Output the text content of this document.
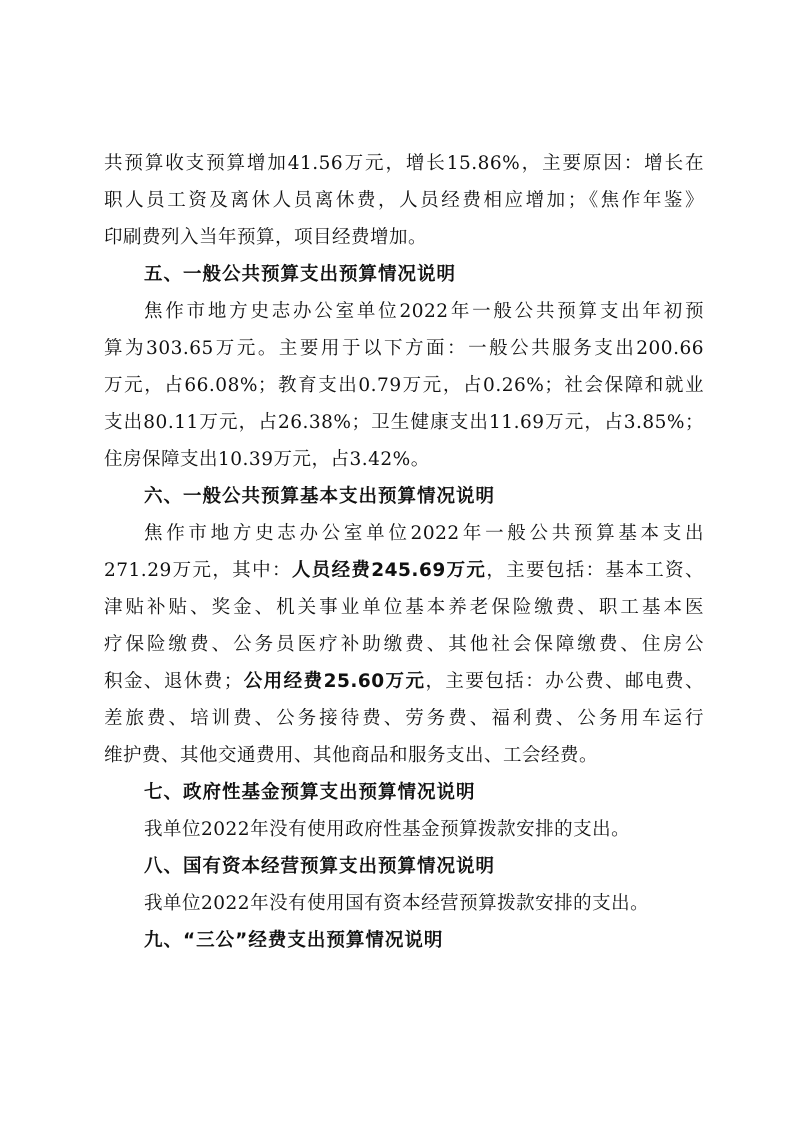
共预算收支预算增加41.56万元，增长15.86%，主要原因：增长在
职人员工资及离休人员离休费，人员经费相应增加；《焦作年鉴》
印刷费列入当年预算，项目经费增加。
五、一般公共预算支出预算情况说明
焦作市地方史志办公室单位2022年一般公共预算支出年初预
算为303.65万元。主要用于以下方面：一般公共服务支出200.66
万元，占66.08%；教育支出0.79万元，占0.26%；社会保障和就业
支出80.11万元，占26.38%；卫生健康支出11.69万元，占3.85%；
住房保障支出10.39万元，占3.42%。
六、一般公共预算基本支出预算情况说明
焦作市地方史志办公室单位2022年一般公共预算基本支出
271.29万元，其中：人员经费245.69万元，主要包括：基本工资、
津贴补贴、奖金、机关事业单位基本养老保险缴费、职工基本医
疗保险缴费、公务员医疗补助缴费、其他社会保障缴费、住房公
积金、退休费；公用经费25.60万元，主要包括：办公费、邮电费、
差旅费、培训费、公务接待费、劳务费、福利费、公务用车运行
维护费、其他交通费用、其他商品和服务支出、工会经费。
七、政府性基金预算支出预算情况说明
我单位2022年没有使用政府性基金预算拨款安排的支出。
八、国有资本经营预算支出预算情况说明
我单位2022年没有使用国有资本经营预算拨款安排的支出。
九、“三公”经费支出预算情况说明
